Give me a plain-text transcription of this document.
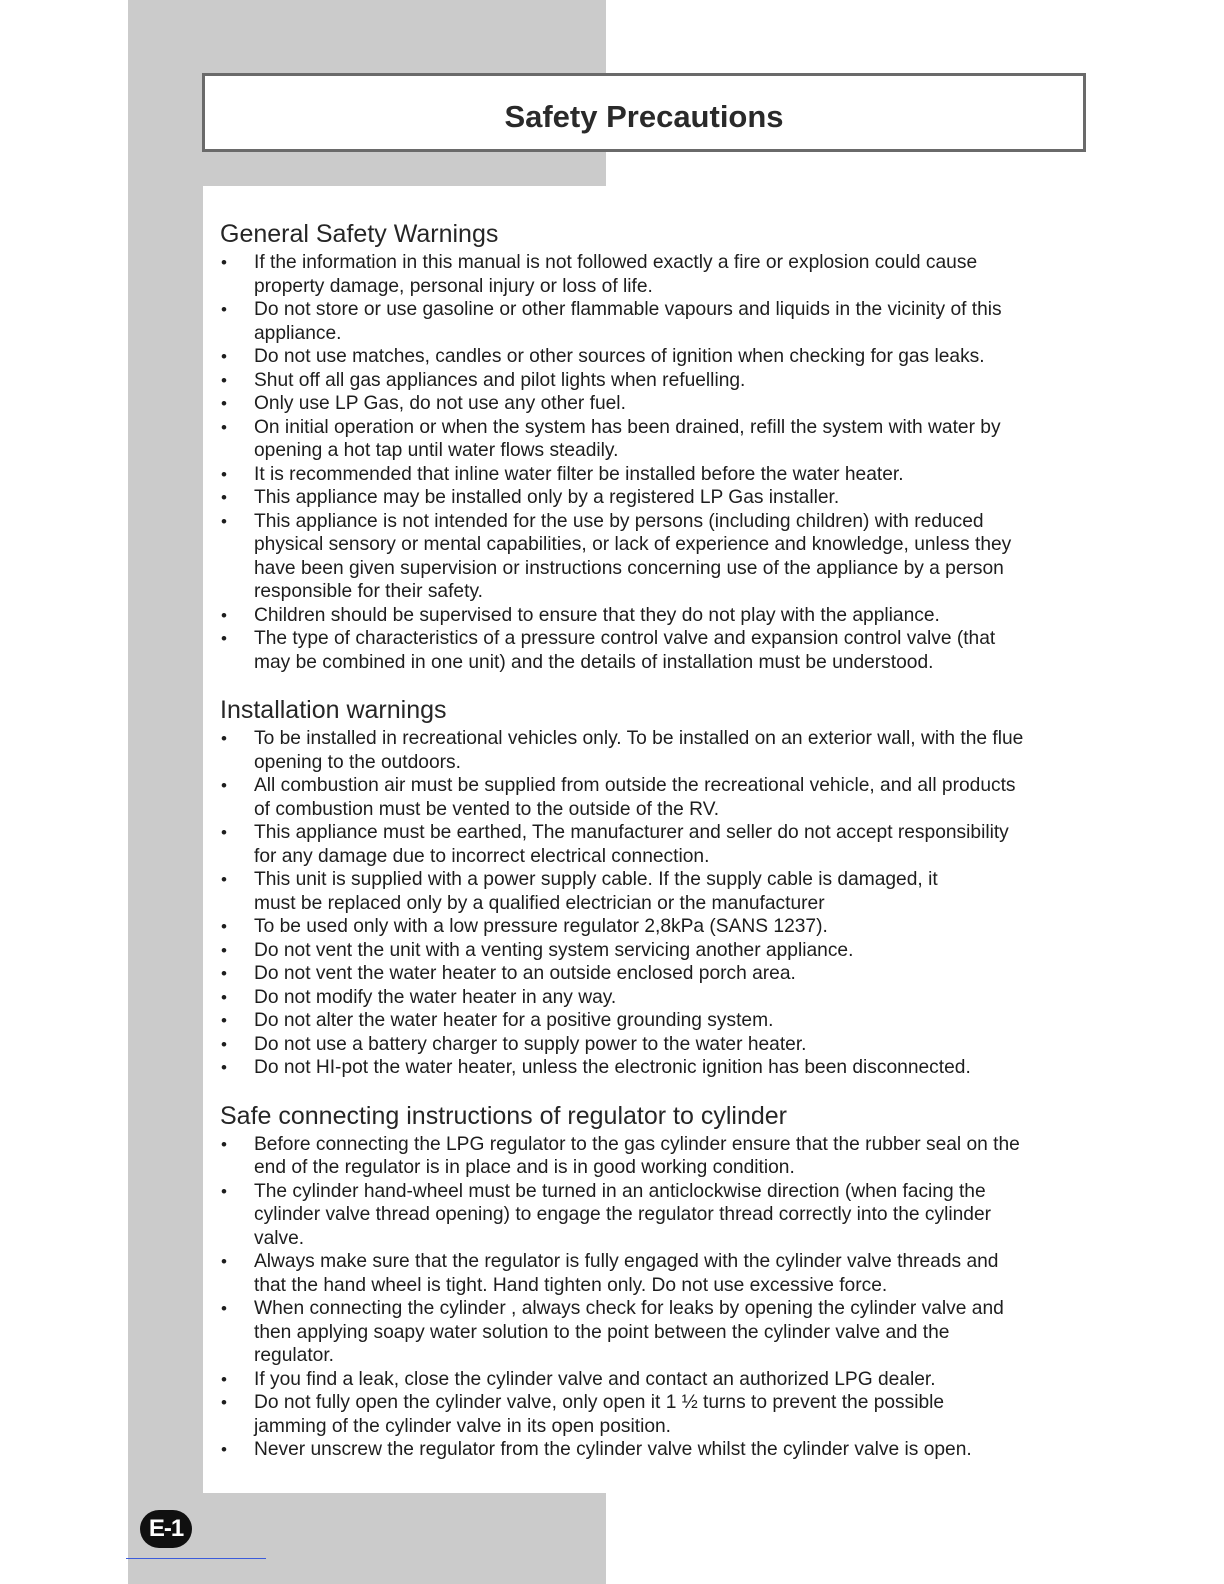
Safety Precautions
General Safety Warnings
• If the information in this manual is not followed exactly a fire or explosion could cause
property damage, personal injury or loss of life.
• Do not store or use gasoline or other flammable vapours and liquids in the vicinity of this
appliance.
• Do not use matches, candles or other sources of ignition when checking for gas leaks.
• Shut off all gas appliances and pilot lights when refuelling.
• Only use LP Gas, do not use any other fuel.
• On initial operation or when the system has been drained, refill the system with water by
opening a hot tap until water flows steadily.
• It is recommended that inline water filter be installed before the water heater.
• This appliance may be installed only by a registered LP Gas installer.
• This appliance is not intended for the use by persons (including children) with reduced
physical sensory or mental capabilities, or lack of experience and knowledge, unless they
have been given supervision or instructions concerning use of the appliance by a person
responsible for their safety.
• Children should be supervised to ensure that they do not play with the appliance.
• The type of characteristics of a pressure control valve and expansion control valve (that
may be combined in one unit) and the details of installation must be understood.
Installation warnings
• To be installed in recreational vehicles only. To be installed on an exterior wall, with the flue
opening to the outdoors.
• All combustion air must be supplied from outside the recreational vehicle, and all products
of combustion must be vented to the outside of the RV.
• This appliance must be earthed, The manufacturer and seller do not accept responsibility
for any damage due to incorrect electrical connection.
• This unit is supplied with a power supply cable. If the supply cable is damaged, it
must be replaced only by a qualified electrician or the manufacturer
• To be used only with a low pressure regulator 2,8kPa (SANS 1237).
• Do not vent the unit with a venting system servicing another appliance.
• Do not vent the water heater to an outside enclosed porch area.
• Do not modify the water heater in any way.
• Do not alter the water heater for a positive grounding system.
• Do not use a battery charger to supply power to the water heater.
• Do not HI-pot the water heater, unless the electronic ignition has been disconnected.
Safe connecting instructions of regulator to cylinder
• Before connecting the LPG regulator to the gas cylinder ensure that the rubber seal on the
end of the regulator is in place and is in good working condition.
• The cylinder hand-wheel must be turned in an anticlockwise direction (when facing the
cylinder valve thread opening) to engage the regulator thread correctly into the cylinder
valve.
• Always make sure that the regulator is fully engaged with the cylinder valve threads and
that the hand wheel is tight. Hand tighten only. Do not use excessive force.
• When connecting the cylinder , always check for leaks by opening the cylinder valve and
then applying soapy water solution to the point between the cylinder valve and the
regulator.
• If you find a leak, close the cylinder valve and contact an authorized LPG dealer.
• Do not fully open the cylinder valve, only open it 1 ½ turns to prevent the possible
jamming of the cylinder valve in its open position.
• Never unscrew the regulator from the cylinder valve whilst the cylinder valve is open.
E-1
